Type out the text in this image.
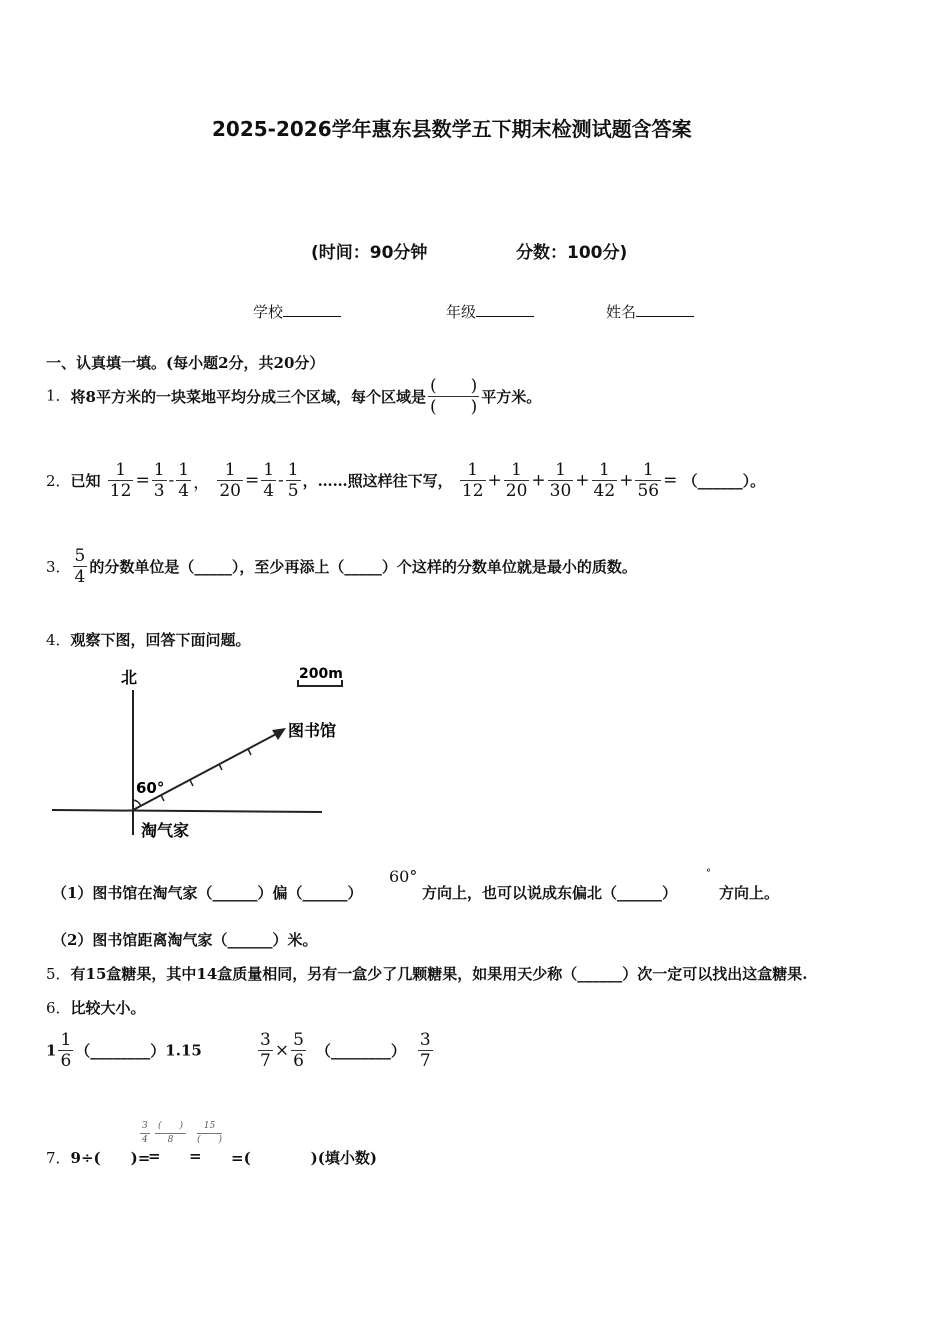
2025-2026学年惠东县数学五下期末检测试题含答案
(时间：90分钟	分数：100分)
学校	年级	姓名
一、认真填一填。(每小题2分，共20分）
1．将8平方米的一块菜地平均分成三个区域，每个区域是 $\frac{( )}{( )}$ 平方米。
2．已知 $\frac{1}{12} = \frac{1}{3} - \frac{1}{4}$ ， $\frac{1}{20} = \frac{1}{4} - \frac{1}{5}$ ，……照这样往下写， $\frac{1}{12} + \frac{1}{20} + \frac{1}{30} + \frac{1}{42} + \frac{1}{56}$ = （______）。
3． $\frac{5}{4}$ 的分数单位是（_____），至少再添上（_____）个这样的分数单位就是最小的质数。
4．观察下图，回答下面问题。
北	200m
图书馆
60°
淘气家
（1）图书馆在淘气家（______）偏（______）
60°
方向上，也可以说成东偏北（______）
°
方向上。
（2）图书馆距离淘气家（______）米。
5．有15盒糖果，其中14盒质量相同，另有一盒少了几颗糖果，如果用天少称（______）次一定可以找出这盒糖果.
6．比较大小。
$1 \frac{1}{6}$ （________）1.15	$\frac{3}{7} \times \frac{5}{6}$ （________） $\frac{3}{7}$
7．9÷(　　)=
$\frac{3}{4}$ (　　)
8
15
(　　)
= = =(　　　　)(填小数)
